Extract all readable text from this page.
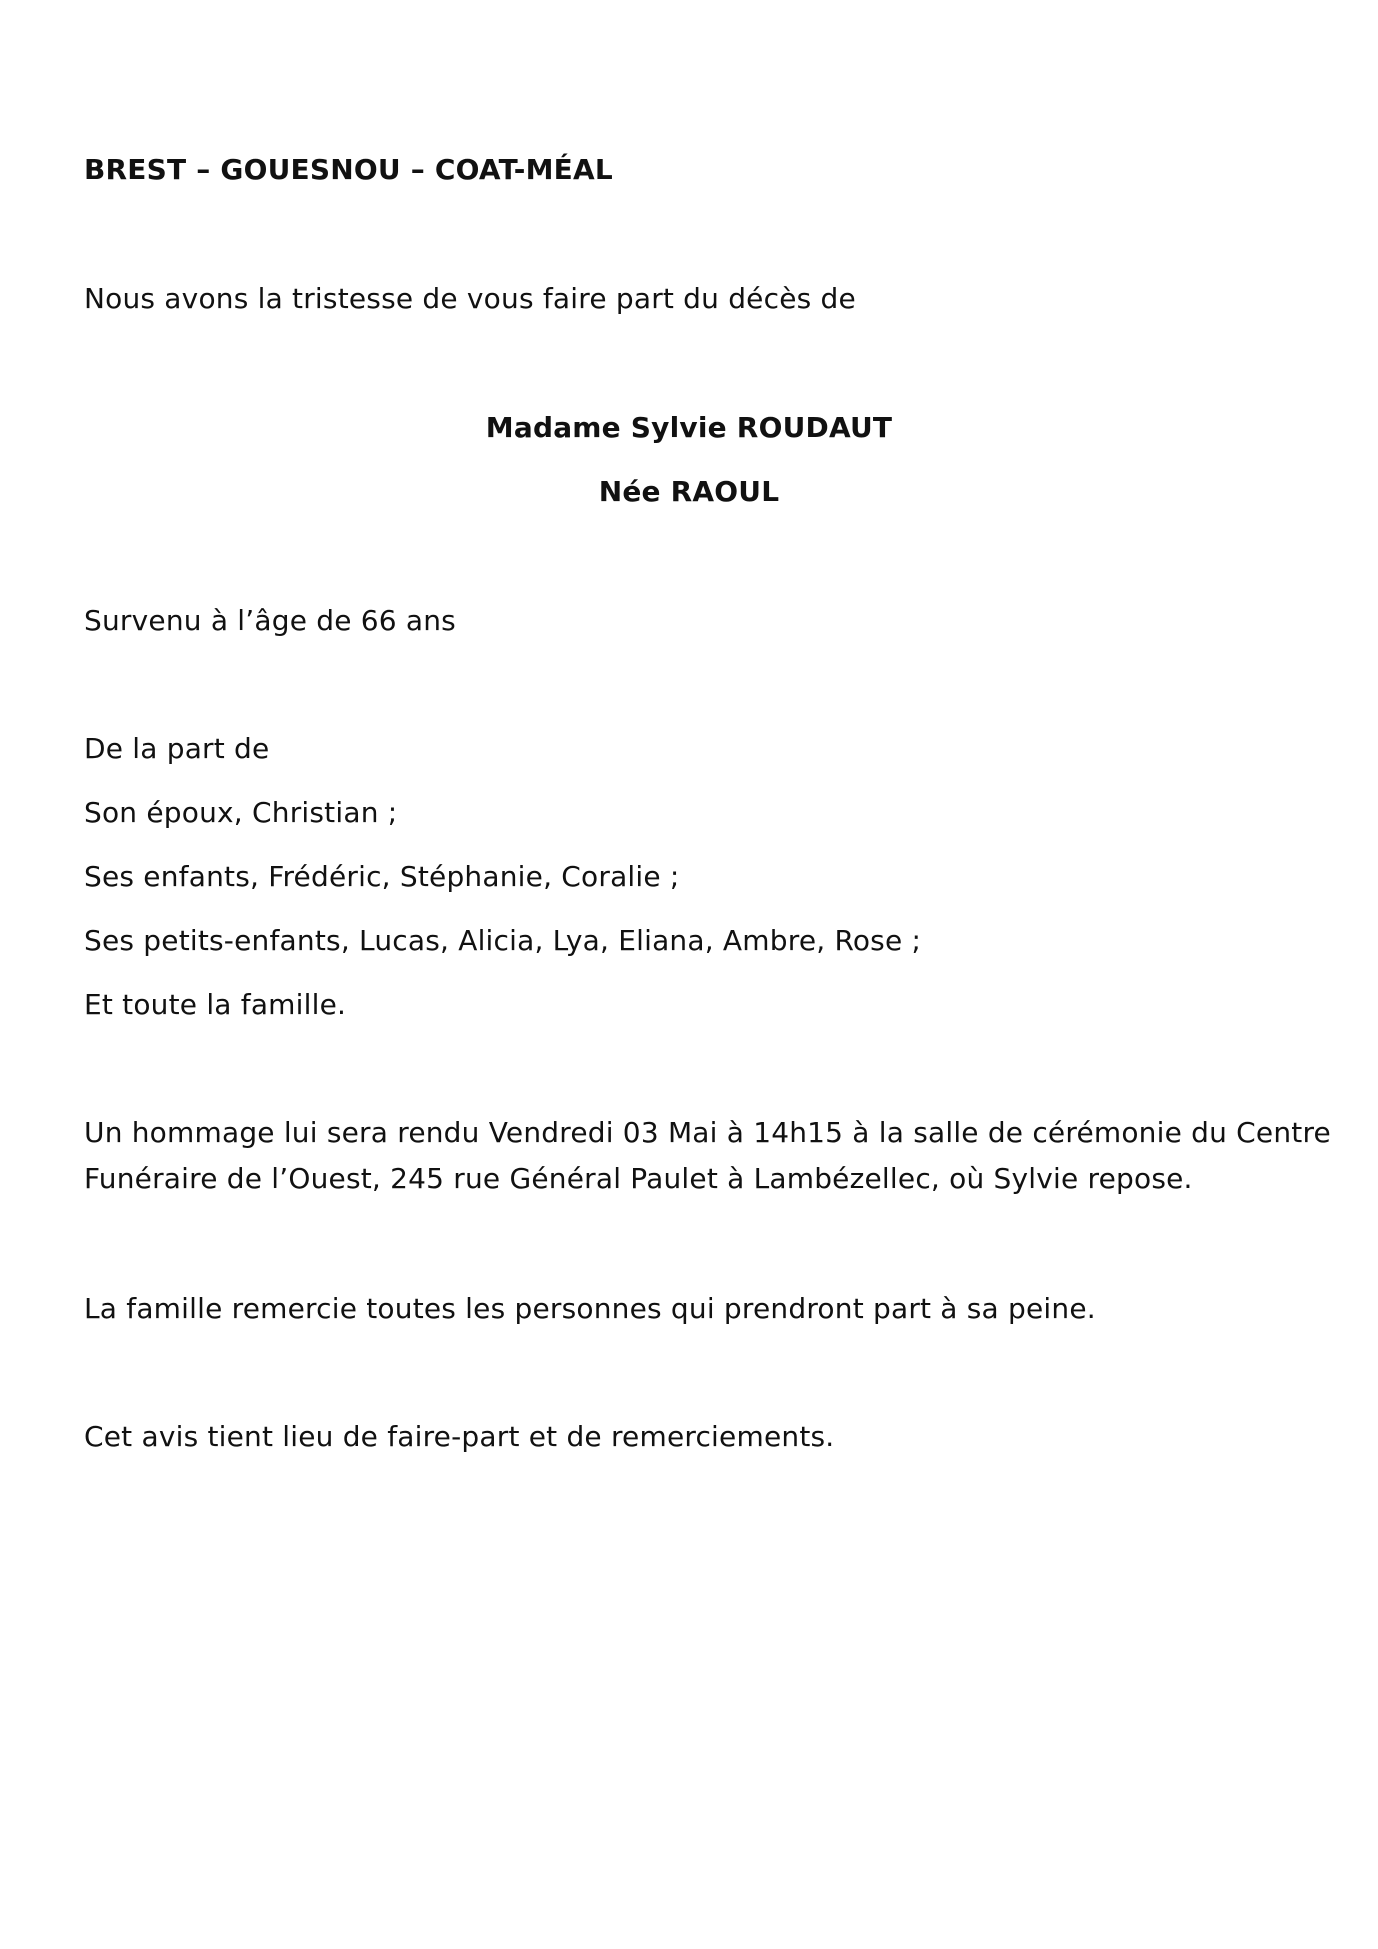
BREST – GOUESNOU – COAT-MÉAL
Nous avons la tristesse de vous faire part du décès de
Madame Sylvie ROUDAUT
Née RAOUL
Survenu à l’âge de 66 ans
De la part de
Son époux, Christian ;
Ses enfants, Frédéric, Stéphanie, Coralie ;
Ses petits-enfants, Lucas, Alicia, Lya, Eliana, Ambre, Rose ;
Et toute la famille.
Un hommage lui sera rendu Vendredi 03 Mai à 14h15 à la salle de cérémonie du Centre
Funéraire de l’Ouest, 245 rue Général Paulet à Lambézellec, où Sylvie repose.
La famille remercie toutes les personnes qui prendront part à sa peine.
Cet avis tient lieu de faire-part et de remerciements.
